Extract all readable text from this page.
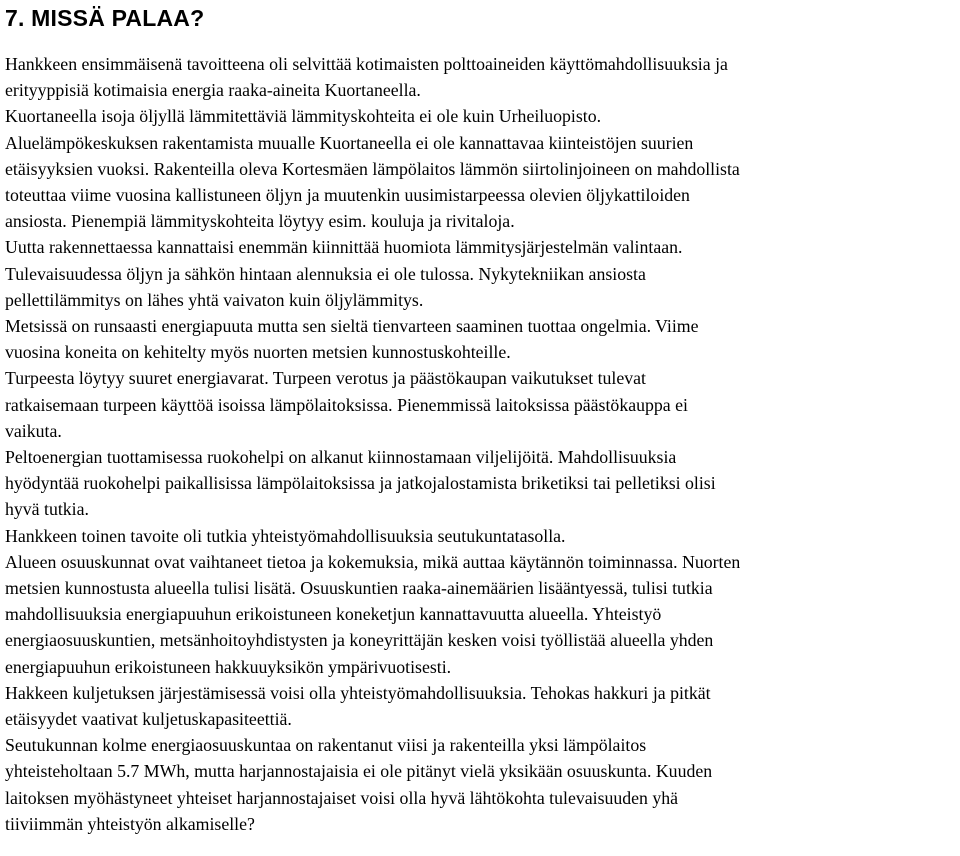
7. MISSÄ PALAA?
Hankkeen ensimmäisenä tavoitteena oli selvittää kotimaisten polttoaineiden käyttömahdollisuuksia ja
erityyppisiä kotimaisia energia raaka-aineita Kuortaneella.
Kuortaneella isoja öljyllä lämmitettäviä lämmityskohteita ei ole kuin Urheiluopisto.
Aluelämpökeskuksen rakentamista muualle Kuortaneella ei ole kannattavaa kiinteistöjen suurien
etäisyyksien vuoksi. Rakenteilla oleva Kortesmäen lämpölaitos lämmön siirtolinjoineen on mahdollista
toteuttaa viime vuosina kallistuneen öljyn ja muutenkin uusimistarpeessa olevien öljykattiloiden
ansiosta. Pienempiä lämmityskohteita löytyy esim. kouluja ja rivitaloja.
Uutta rakennettaessa kannattaisi enemmän kiinnittää huomiota lämmitysjärjestelmän valintaan.
Tulevaisuudessa öljyn ja sähkön hintaan alennuksia ei ole tulossa. Nykytekniikan ansiosta
pellettilämmitys on lähes yhtä vaivaton kuin öljylämmitys.
Metsissä on runsaasti energiapuuta mutta sen sieltä tienvarteen saaminen tuottaa ongelmia. Viime
vuosina koneita on kehitelty myös nuorten metsien kunnostuskohteille.
Turpeesta löytyy suuret energiavarat. Turpeen verotus ja päästökaupan vaikutukset tulevat
ratkaisemaan turpeen käyttöä isoissa lämpölaitoksissa. Pienemmissä laitoksissa päästökauppa ei
vaikuta.
Peltoenergian tuottamisessa ruokohelpi on alkanut kiinnostamaan viljelijöitä. Mahdollisuuksia
hyödyntää ruokohelpi paikallisissa lämpölaitoksissa ja jatkojalostamista briketiksi tai pelletiksi olisi
hyvä tutkia.
Hankkeen toinen tavoite oli tutkia yhteistyömahdollisuuksia seutukuntatasolla.
Alueen osuuskunnat ovat vaihtaneet tietoa ja kokemuksia, mikä auttaa käytännön toiminnassa. Nuorten
metsien kunnostusta alueella tulisi lisätä. Osuuskuntien raaka-ainemäärien lisääntyessä, tulisi tutkia
mahdollisuuksia energiapuuhun erikoistuneen koneketjun kannattavuutta alueella. Yhteistyö
energiaosuuskuntien, metsänhoitoyhdistysten ja koneyrittäjän kesken voisi työllistää alueella yhden
energiapuuhun erikoistuneen hakkuuyksikön ympärivuotisesti.
Hakkeen kuljetuksen järjestämisessä voisi olla yhteistyömahdollisuuksia. Tehokas hakkuri ja pitkät
etäisyydet vaativat kuljetuskapasiteettiä.
Seutukunnan kolme energiaosuuskuntaa on rakentanut viisi ja rakenteilla yksi lämpölaitos
yhteisteholtaan 5.7 MWh, mutta harjannostajaisia ei ole pitänyt vielä yksikään osuuskunta. Kuuden
laitoksen myöhästyneet yhteiset harjannostajaiset voisi olla hyvä lähtökohta tulevaisuuden yhä
tiiviimmän yhteistyön alkamiselle?
